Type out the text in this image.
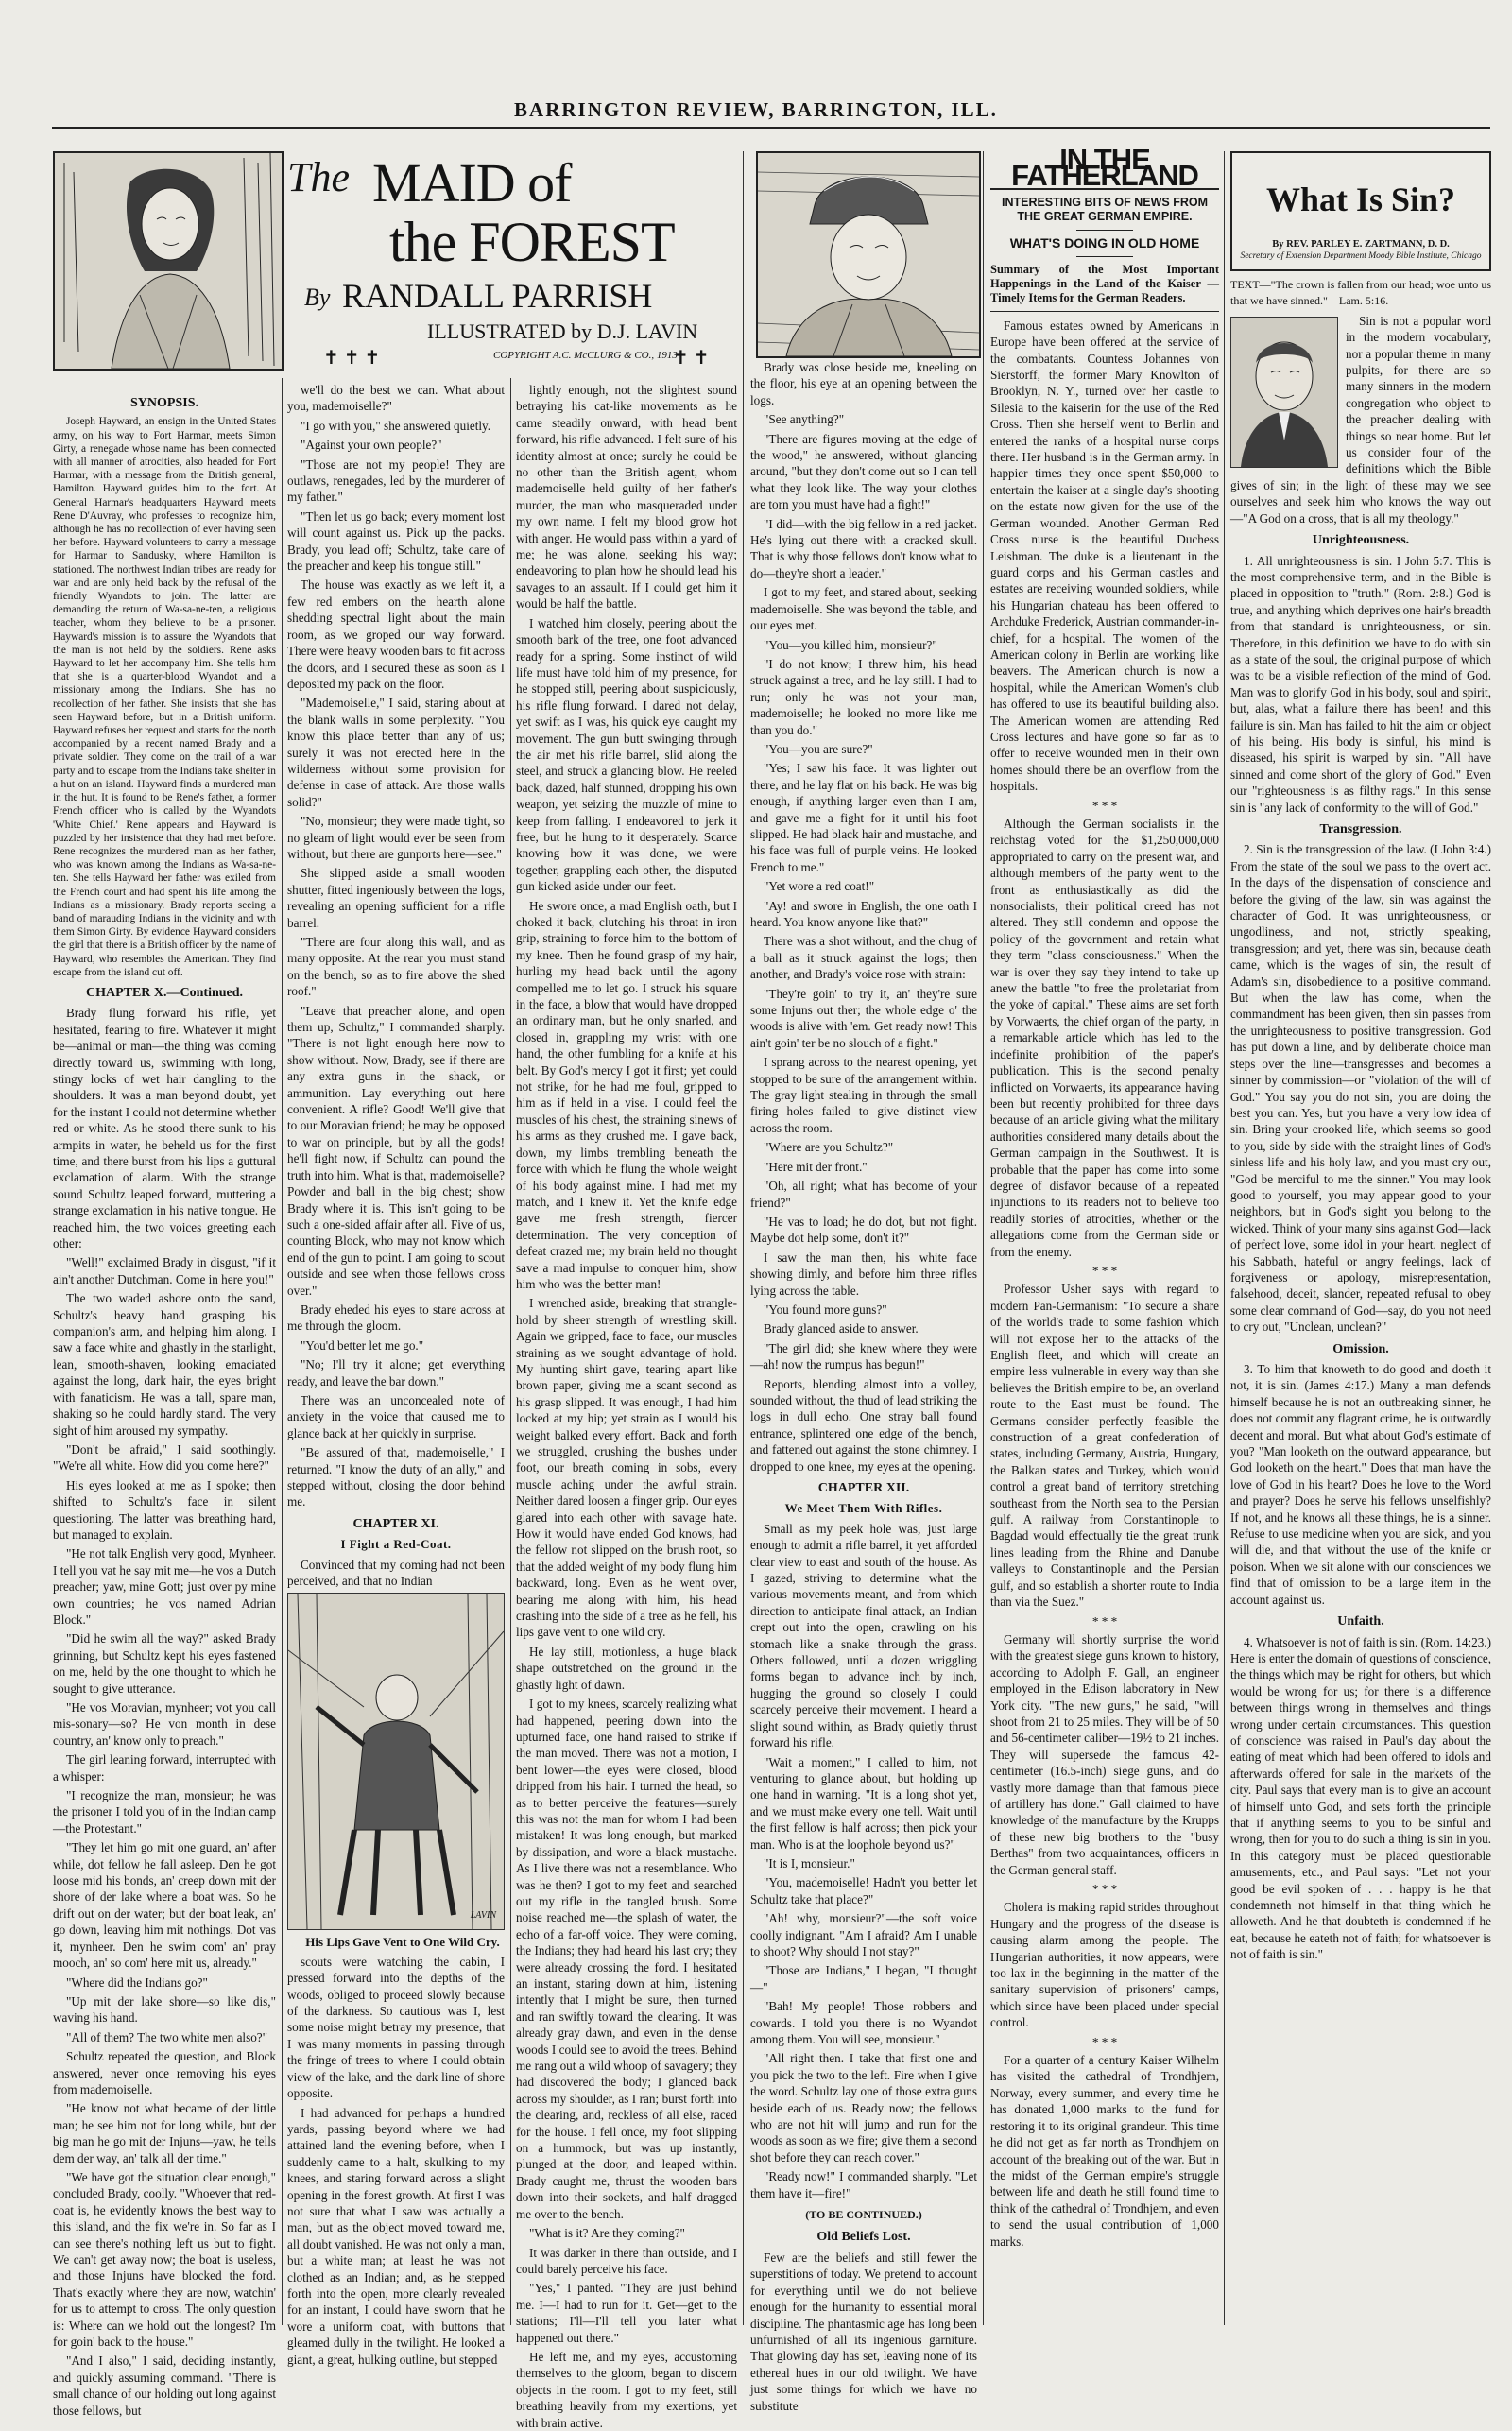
BARRINGTON REVIEW, BARRINGTON, ILL.
The MAID of
the FOREST
By RANDALL PARRISH
ILLUSTRATED by D.J. LAVIN
✝ ✝ ✝	COPYRIGHT A.C. McCLURG & CO., 1913
✝ ✝

SYNOPSIS.

Joseph Hayward, an ensign in the United States army, on his way to Fort Harmar, meets Simon Girty, a renegade whose name has been connected with all manner of atrocities, also headed for Fort Harmar, with a message from the British general, Hamilton. Hayward guides him to the fort. At General Harmar's headquarters Hayward meets Rene D'Auvray, who professes to recognize him, although he has no recollection of ever having seen her before. Hayward volunteers to carry a message for Harmar to Sandusky, where Hamilton is stationed. The northwest Indian tribes are ready for war and are only held back by the refusal of the friendly Wyandots to join. The latter are demanding the return of Wa-sa-ne-ten, a religious teacher, whom they believe to be a prisoner. Hayward's mission is to assure the Wyandots that the man is not held by the soldiers. Rene asks Hayward to let her accompany him. She tells him that she is a quarter-blood Wyandot and a missionary among the Indians. She has no recollection of her father. She insists that she has seen Hayward before, but in a British uniform. Hayward refuses her request and starts for the north accompanied by a recent named Brady and a private soldier. They come on the trail of a war party and to escape from the Indians take shelter in a hut on an island. Hayward finds a murdered man in the hut. It is found to be Rene's father, a former French officer who is called by the Wyandots 'White Chief.' Rene appears and Hayward is puzzled by her insistence that they had met before. Rene recognizes the murdered man as her father, who was known among the Indians as Wa-sa-ne-ten. She tells Hayward her father was exiled from the French court and had spent his life among the Indians as a missionary. Brady reports seeing a band of marauding Indians in the vicinity and with them Simon Girty. By evidence Hayward considers the girl that there is a British officer by the name of Hayward, who resembles the American. They find escape from the island cut off.

CHAPTER X.—Continued.

Brady flung forward his rifle, yet hesitated, fearing to fire. Whatever it might be—animal or man—the thing was coming directly toward us, swimming with long, stingy locks of wet hair dangling to the shoulders. It was a man beyond doubt, yet for the instant I could not determine whether red or white. As he stood there sunk to his armpits in water, he beheld us for the first time, and there burst from his lips a guttural exclamation of alarm. With the strange sound Schultz leaped forward, muttering a strange exclamation in his native tongue. He reached him, the two voices greeting each other:

"Well!" exclaimed Brady in disgust, "if it ain't another Dutchman. Come in here you!"

The two waded ashore onto the sand, Schultz's heavy hand grasping his companion's arm, and helping him along. I saw a face white and ghastly in the starlight, lean, smooth-shaven, looking emaciated against the long, dark hair, the eyes bright with fanaticism. He was a tall, spare man, shaking so he could hardly stand. The very sight of him aroused my sympathy.

"Don't be afraid," I said soothingly. "We're all white. How did you come here?"

His eyes looked at me as I spoke; then shifted to Schultz's face in silent questioning. The latter was breathing hard, but managed to explain.

"He not talk English very good, Mynheer. I tell you vat he say mit me—he vos a Dutch preacher; yaw, mine Gott; just over py mine own countries; he vos named Adrian Block."

"Did he swim all the way?" asked Brady grinning, but Schultz kept his eyes fastened on me, held by the one thought to which he sought to give utterance.

"He vos Moravian, mynheer; vot you call mis-sonary—so? He von month in dese country, an' know only to preach."

The girl leaning forward, interrupted with a whisper:

"I recognize the man, monsieur; he was the prisoner I told you of in the Indian camp—the Protestant."

"They let him go mit one guard, an' after while, dot fellow he fall asleep. Den he got loose mid his bonds, an' creep down mit der shore of der lake where a boat was. So he drift out on der water; but der boat leak, an' go down, leaving him mit nothings. Dot vas it, mynheer. Den he swim com' an' pray mooch, an' so com' here mit us, already."

"Where did the Indians go?"

"Up mit der lake shore—so like dis," waving his hand.

"All of them? The two white men also?"

Schultz repeated the question, and Block answered, never once removing his eyes from mademoiselle.

"He know not what became of der little man; he see him not for long while, but der big man he go mit der Injuns—yaw, he tells dem der way, an' talk all der time."

"We have got the situation clear enough," concluded Brady, coolly. "Whoever that red-coat is, he evidently knows the best way to this island, and the fix we're in. So far as I can see there's nothing left us but to fight. We can't get away now; the boat is useless, and those Injuns have blocked the ford. That's exactly where they are now, watchin' for us to attempt to cross. The only question is: Where can we hold out the longest? I'm for goin' back to the house."

"And I also," I said, deciding instantly, and quickly assuming command. "There is small chance of our holding out long against those fellows, but

we'll do the best we can. What about you, mademoiselle?"

"I go with you," she answered quietly.

"Against your own people?"

"Those are not my people! They are outlaws, renegades, led by the murderer of my father."

"Then let us go back; every moment lost will count against us. Pick up the packs. Brady, you lead off; Schultz, take care of the preacher and keep his tongue still."

The house was exactly as we left it, a few red embers on the hearth alone shedding spectral light about the main room, as we groped our way forward. There were heavy wooden bars to fit across the doors, and I secured these as soon as I deposited my pack on the floor.

"Mademoiselle," I said, staring about at the blank walls in some perplexity. "You know this place better than any of us; surely it was not erected here in the wilderness without some provision for defense in case of attack. Are those walls solid?"

"No, monsieur; they were made tight, so no gleam of light would ever be seen from without, but there are gunports here—see."

She slipped aside a small wooden shutter, fitted ingeniously between the logs, revealing an opening sufficient for a rifle barrel.

"There are four along this wall, and as many opposite. At the rear you must stand on the bench, so as to fire above the shed roof."

"Leave that preacher alone, and open them up, Schultz," I commanded sharply. "There is not light enough here now to show without. Now, Brady, see if there are any extra guns in the shack, or ammunition. Lay everything out here convenient. A rifle? Good! We'll give that to our Moravian friend; he may be opposed to war on principle, but by all the gods! he'll fight now, if Schultz can pound the truth into him. What is that, mademoiselle? Powder and ball in the big chest; show Brady where it is. This isn't going to be such a one-sided affair after all. Five of us, counting Block, who may not know which end of the gun to point. I am going to scout outside and see when those fellows cross over."

Brady eheded his eyes to stare across at me through the gloom.

"You'd better let me go."

"No; I'll try it alone; get everything ready, and leave the bar down."

There was an unconcealed note of anxiety in the voice that caused me to glance back at her quickly in surprise.

"Be assured of that, mademoiselle," I returned. "I know the duty of an ally," and stepped without, closing the door behind me.

CHAPTER XI.

I Fight a Red-Coat.

Convinced that my coming had not been perceived, and that no Indian

LAVIN

His Lips Gave Vent to One Wild Cry.

scouts were watching the cabin, I pressed forward into the depths of the woods, obliged to proceed slowly because of the darkness. So cautious was I, lest some noise might betray my presence, that I was many moments in passing through the fringe of trees to where I could obtain view of the lake, and the dark line of shore opposite.

I had advanced for perhaps a hundred yards, passing beyond where we had attained land the evening before, when I suddenly came to a halt, skulking to my knees, and staring forward across a slight opening in the forest growth. At first I was not sure that what I saw was actually a man, but as the object moved toward me, all doubt vanished. He was not only a man, but a white man; at least he was not clothed as an Indian; and, as he stepped forth into the open, more clearly revealed for an instant, I could have sworn that he wore a uniform coat, with buttons that gleamed dully in the twilight. He looked a giant, a great, hulking outline, but stepped

lightly enough, not the slightest sound betraying his cat-like movements as he came steadily onward, with head bent forward, his rifle advanced. I felt sure of his identity almost at once; surely he could be no other than the British agent, whom mademoiselle held guilty of her father's murder, the man who masqueraded under my own name. I felt my blood grow hot with anger. He would pass within a yard of me; he was alone, seeking his way; endeavoring to plan how he should lead his savages to an assault. If I could get him it would be half the battle.

I watched him closely, peering about the smooth bark of the tree, one foot advanced ready for a spring. Some instinct of wild life must have told him of my presence, for he stopped still, peering about suspiciously, his rifle flung forward. I dared not delay, yet swift as I was, his quick eye caught my movement. The gun butt swinging through the air met his rifle barrel, slid along the steel, and struck a glancing blow. He reeled back, dazed, half stunned, dropping his own weapon, yet seizing the muzzle of mine to keep from falling. I endeavored to jerk it free, but he hung to it desperately. Scarce knowing how it was done, we were together, grappling each other, the disputed gun kicked aside under our feet.

He swore once, a mad English oath, but I choked it back, clutching his throat in iron grip, straining to force him to the bottom of my knee. Then he found grasp of my hair, hurling my head back until the agony compelled me to let go. I struck his square in the face, a blow that would have dropped an ordinary man, but he only snarled, and closed in, grappling my wrist with one hand, the other fumbling for a knife at his belt. By God's mercy I got it first; yet could not strike, for he had me foul, gripped to him as if held in a vise. I could feel the muscles of his chest, the straining sinews of his arms as they crushed me. I gave back, down, my limbs trembling beneath the force with which he flung the whole weight of his body against mine. I had met my match, and I knew it. Yet the knife edge gave me fresh strength, fiercer determination. The very conception of defeat crazed me; my brain held no thought save a mad impulse to conquer him, show him who was the better man!

I wrenched aside, breaking that strangle-hold by sheer strength of wrestling skill. Again we gripped, face to face, our muscles straining as we sought advantage of hold. My hunting shirt gave, tearing apart like brown paper, giving me a scant second as his grasp slipped. It was enough, I had him locked at my hip; yet strain as I would his weight balked every effort. Back and forth we struggled, crushing the bushes under foot, our breath coming in sobs, every muscle aching under the awful strain. Neither dared loosen a finger grip. Our eyes glared into each other with savage hate. How it would have ended God knows, had the fellow not slipped on the brush root, so that the added weight of my body flung him backward, long. Even as he went over, bearing me along with him, his head crashing into the side of a tree as he fell, his lips gave vent to one wild cry.

He lay still, motionless, a huge black shape outstretched on the ground in the ghastly light of dawn.

I got to my knees, scarcely realizing what had happened, peering down into the upturned face, one hand raised to strike if the man moved. There was not a motion, I bent lower—the eyes were closed, blood dripped from his hair. I turned the head, so as to better perceive the features—surely this was not the man for whom I had been mistaken! It was long enough, but marked by dissipation, and wore a black mustache. As I live there was not a resemblance. Who was he then? I got to my feet and searched out my rifle in the tangled brush. Some noise reached me—the splash of water, the echo of a far-off voice. They were coming, the Indians; they had heard his last cry; they were already crossing the ford. I hesitated an instant, staring down at him, listening intently that I might be sure, then turned and ran swiftly toward the clearing. It was already gray dawn, and even in the dense woods I could see to avoid the trees. Behind me rang out a wild whoop of savagery; they had discovered the body; I glanced back across my shoulder, as I ran; burst forth into the clearing, and, reckless of all else, raced for the house. I fell once, my foot slipping on a hummock, but was up instantly, plunged at the door, and leaped within. Brady caught me, thrust the wooden bars down into their sockets, and half dragged me over to the bench.

"What is it? Are they coming?"

It was darker in there than outside, and I could barely perceive his face.

"Yes," I panted. "They are just behind me. I—I had to run for it. Get—get to the stations; I'll—I'll tell you later what happened out there."

He left me, and my eyes, accustoming themselves to the gloom, began to discern objects in the room. I got to my feet, still breathing heavily from my exertions, yet with brain active.

Brady was close beside me, kneeling on the floor, his eye at an opening between the logs.

"See anything?"

"There are figures moving at the edge of the wood," he answered, without glancing around, "but they don't come out so I can tell what they look like. The way your clothes are torn you must have had a fight!"

"I did—with the big fellow in a red jacket. He's lying out there with a cracked skull. That is why those fellows don't know what to do—they're short a leader."

I got to my feet, and stared about, seeking mademoiselle. She was beyond the table, and our eyes met.

"You—you killed him, monsieur?"

"I do not know; I threw him, his head struck against a tree, and he lay still. I had to run; only he was not your man, mademoiselle; he looked no more like me than you do."

"You—you are sure?"

"Yes; I saw his face. It was lighter out there, and he lay flat on his back. He was big enough, if anything larger even than I am, and gave me a fight for it until his foot slipped. He had black hair and mustache, and his face was full of purple veins. He looked French to me."

"Yet wore a red coat!"

"Ay! and swore in English, the one oath I heard. You know anyone like that?"

There was a shot without, and the chug of a ball as it struck against the logs; then another, and Brady's voice rose with strain:

"They're goin' to try it, an' they're sure some Injuns out ther; the whole edge o' the woods is alive with 'em. Get ready now! This ain't goin' ter be no slouch of a fight."

I sprang across to the nearest opening, yet stopped to be sure of the arrangement within. The gray light stealing in through the small firing holes failed to give distinct view across the room.

"Where are you Schultz?"

"Here mit der front."

"Oh, all right; what has become of your friend?"

"He vas to load; he do dot, but not fight. Maybe dot help some, don't it?"

I saw the man then, his white face showing dimly, and before him three rifles lying across the table.

"You found more guns?"

Brady glanced aside to answer.

"The girl did; she knew where they were—ah! now the rumpus has begun!"

Reports, blending almost into a volley, sounded without, the thud of lead striking the logs in dull echo. One stray ball found entrance, splintered one edge of the bench, and fattened out against the stone chimney. I dropped to one knee, my eyes at the opening.

CHAPTER XII.

We Meet Them With Rifles.

Small as my peek hole was, just large enough to admit a rifle barrel, it yet afforded clear view to east and south of the house. As I gazed, striving to determine what the various movements meant, and from which direction to anticipate final attack, an Indian crept out into the open, crawling on his stomach like a snake through the grass. Others followed, until a dozen wriggling forms began to advance inch by inch, hugging the ground so closely I could scarcely perceive their movement. I heard a slight sound within, as Brady quietly thrust forward his rifle.

"Wait a moment," I called to him, not venturing to glance about, but holding up one hand in warning. "It is a long shot yet, and we must make every one tell. Wait until the first fellow is half across; then pick your man. Who is at the loophole beyond us?"

"It is I, monsieur."

"You, mademoiselle! Hadn't you better let Schultz take that place?"

"Ah! why, monsieur?"—the soft voice coolly indignant. "Am I afraid? Am I unable to shoot? Why should I not stay?"

"Those are Indians," I began, "I thought—"

"Bah! My people! Those robbers and cowards. I told you there is no Wyandot among them. You will see, monsieur."

"All right then. I take that first one and you pick the two to the left. Fire when I give the word. Schultz lay one of those extra guns beside each of us. Ready now; the fellows who are not hit will jump and run for the woods as soon as we fire; give them a second shot before they can reach cover."

"Ready now!" I commanded sharply. "Let them have it—fire!"

(TO BE CONTINUED.)

Old Beliefs Lost.

Few are the beliefs and still fewer the superstitions of today. We pretend to account for everything until we do not believe enough for the humanity to essential moral discipline. The phantasmic age has long been unfurnished of all its ingenious garniture. That glowing day has set, leaving none of its ethereal hues in our old twilight. We have just some things for which we have no substitute

IN THE FATHERLAND
INTERESTING BITS OF NEWS FROM THE GREAT GERMAN EMPIRE.
WHAT'S DOING IN OLD HOME

Summary of the Most Important Happenings in the Land of the Kaiser —Timely Items for the German Readers.

Famous estates owned by Americans in Europe have been offered at the service of the combatants. Countess Johannes von Sierstorff, the former Mary Knowlton of Brooklyn, N. Y., turned over her castle to Silesia to the kaiserin for the use of the Red Cross. Then she herself went to Berlin and entered the ranks of a hospital nurse corps there. Her husband is in the German army. In happier times they once spent $50,000 to entertain the kaiser at a single day's shooting on the estate now given for the use of the German wounded. Another German Red Cross nurse is the beautiful Duchess Leishman. The duke is a lieutenant in the guard corps and his German castles and estates are receiving wounded soldiers, while his Hungarian chateau has been offered to Archduke Frederick, Austrian commander-in-chief, for a hospital. The women of the American colony in Berlin are working like beavers. The American church is now a hospital, while the American Women's club has offered to use its beautiful building also. The American women are attending Red Cross lectures and have gone so far as to offer to receive wounded men in their own homes should there be an overflow from the hospitals.

* * *

Although the German socialists in the reichstag voted for the $1,250,000,000 appropriated to carry on the present war, and although members of the party went to the front as enthusiastically as did the nonsocialists, their political creed has not altered. They still condemn and oppose the policy of the government and retain what they term "class consciousness." When the war is over they say they intend to take up anew the battle "to free the proletariat from the yoke of capital." These aims are set forth by Vorwaerts, the chief organ of the party, in a remarkable article which has led to the indefinite prohibition of the paper's publication. This is the second penalty inflicted on Vorwaerts, its appearance having been but recently prohibited for three days because of an article giving what the military authorities considered many details about the German campaign in the Southwest. It is probable that the paper has come into some degree of disfavor because of a repeated injunctions to its readers not to believe too readily stories of atrocities, whether or the allegations come from the German side or from the enemy.

* * *

Professor Usher says with regard to modern Pan-Germanism: "To secure a share of the world's trade to some fashion which will not expose her to the attacks of the English fleet, and which will create an empire less vulnerable in every way than she believes the British empire to be, an overland route to the East must be found. The Germans consider perfectly feasible the construction of a great confederation of states, including Germany, Austria, Hungary, the Balkan states and Turkey, which would control a great band of territory stretching southeast from the North sea to the Persian gulf. A railway from Constantinople to Bagdad would effectually tie the great trunk lines leading from the Rhine and Danube valleys to Constantinople and the Persian gulf, and so establish a shorter route to India than via the Suez."

* * *

Germany will shortly surprise the world with the greatest siege guns known to history, according to Adolph F. Gall, an engineer employed in the Edison laboratory in New York city. "The new guns," he said, "will shoot from 21 to 25 miles. They will be of 50 and 56-centimeter caliber—19½ to 21 inches. They will supersede the famous 42-centimeter (16.5-inch) siege guns, and do vastly more damage than that famous piece of artillery has done." Gall claimed to have knowledge of the manufacture by the Krupps of these new big brothers to the "busy Berthas" from two acquaintances, officers in the German general staff.

* * *

Cholera is making rapid strides throughout Hungary and the progress of the disease is causing alarm among the people. The Hungarian authorities, it now appears, were too lax in the beginning in the matter of the sanitary supervision of prisoners' camps, which since have been placed under special control.

* * *

For a quarter of a century Kaiser Wilhelm has visited the cathedral of Trondhjem, Norway, every summer, and every time he has donated 1,000 marks to the fund for restoring it to its original grandeur. This time he did not get as far north as Trondhjem on account of the breaking out of the war. But in the midst of the German empire's struggle between life and death he still found time to think of the cathedral of Trondhjem, and even to send the usual contribution of 1,000 marks.

What Is Sin?
By REV. PARLEY E. ZARTMANN, D. D.
Secretary of Extension Department Moody Bible Institute, Chicago

TEXT—"The crown is fallen from our head; woe unto us that we have sinned."—Lam. 5:16.

Sin is not a popular word in the modern vocabulary, nor a popular theme in many pulpits, for there are so many sinners in the modern congregation who object to the preacher dealing with things so near home. But let us consider four of the definitions which the Bible gives of sin; in the light of these may we see ourselves and seek him who knows the way out—"A God on a cross, that is all my theology."

Unrighteousness.

1. All unrighteousness is sin. I John 5:7. This is the most comprehensive term, and in the Bible is placed in opposition to "truth." (Rom. 2:8.) God is true, and anything which deprives one hair's breadth from that standard is unrighteousness, or sin. Therefore, in this definition we have to do with sin as a state of the soul, the original purpose of which was to be a visible reflection of the mind of God. Man was to glorify God in his body, soul and spirit, but, alas, what a failure there has been! and this failure is sin. Man has failed to hit the aim or object of his being. His body is sinful, his mind is diseased, his spirit is warped by sin. "All have sinned and come short of the glory of God." Even our "righteousness is as filthy rags." In this sense sin is "any lack of conformity to the will of God."

Transgression.

2. Sin is the transgression of the law. (I John 3:4.) From the state of the soul we pass to the overt act. In the days of the dispensation of conscience and before the giving of the law, sin was against the character of God. It was unrighteousness, or ungodliness, and not, strictly speaking, transgression; and yet, there was sin, because death came, which is the wages of sin, the result of Adam's sin, disobedience to a positive command. But when the law has come, when the commandment has been given, then sin passes from the unrighteousness to positive transgression. God has put down a line, and by deliberate choice man steps over the line—transgresses and becomes a sinner by commission—or "violation of the will of God." You say you do not sin, you are doing the best you can. Yes, but you have a very low idea of sin. Bring your crooked life, which seems so good to you, side by side with the straight lines of God's sinless life and his holy law, and you must cry out, "God be merciful to me the sinner." You may look good to yourself, you may appear good to your neighbors, but in God's sight you belong to the wicked. Think of your many sins against God—lack of perfect love, some idol in your heart, neglect of his Sabbath, hateful or angry feelings, lack of forgiveness or apology, misrepresentation, falsehood, deceit, slander, repeated refusal to obey some clear command of God—say, do you not need to cry out, "Unclean, unclean?"

Omission.

3. To him that knoweth to do good and doeth it not, it is sin. (James 4:17.) Many a man defends himself because he is not an outbreaking sinner, he does not commit any flagrant crime, he is outwardly decent and moral. But what about God's estimate of you? "Man looketh on the outward appearance, but God looketh on the heart." Does that man have the love of God in his heart? Does he love to the Word and prayer? Does he serve his fellows unselfishly? If not, and he knows all these things, he is a sinner. Refuse to use medicine when you are sick, and you will die, and that without the use of the knife or poison. When we sit alone with our consciences we find that of omission to be a large item in the account against us.

Unfaith.

4. Whatsoever is not of faith is sin. (Rom. 14:23.) Here is enter the domain of questions of conscience, the things which may be right for others, but which would be wrong for us; for there is a difference between things wrong in themselves and things wrong under certain circumstances. This question of conscience was raised in Paul's day about the eating of meat which had been offered to idols and afterwards offered for sale in the markets of the city. Paul says that every man is to give an account of himself unto God, and sets forth the principle that if anything seems to you to be sinful and wrong, then for you to do such a thing is sin in you. In this category must be placed questionable amusements, etc., and Paul says: "Let not your good be evil spoken of . . . happy is he that condemneth not himself in that thing which he alloweth. And he that doubteth is condemned if he eat, because he eateth not of faith; for whatsoever is not of faith is sin."
